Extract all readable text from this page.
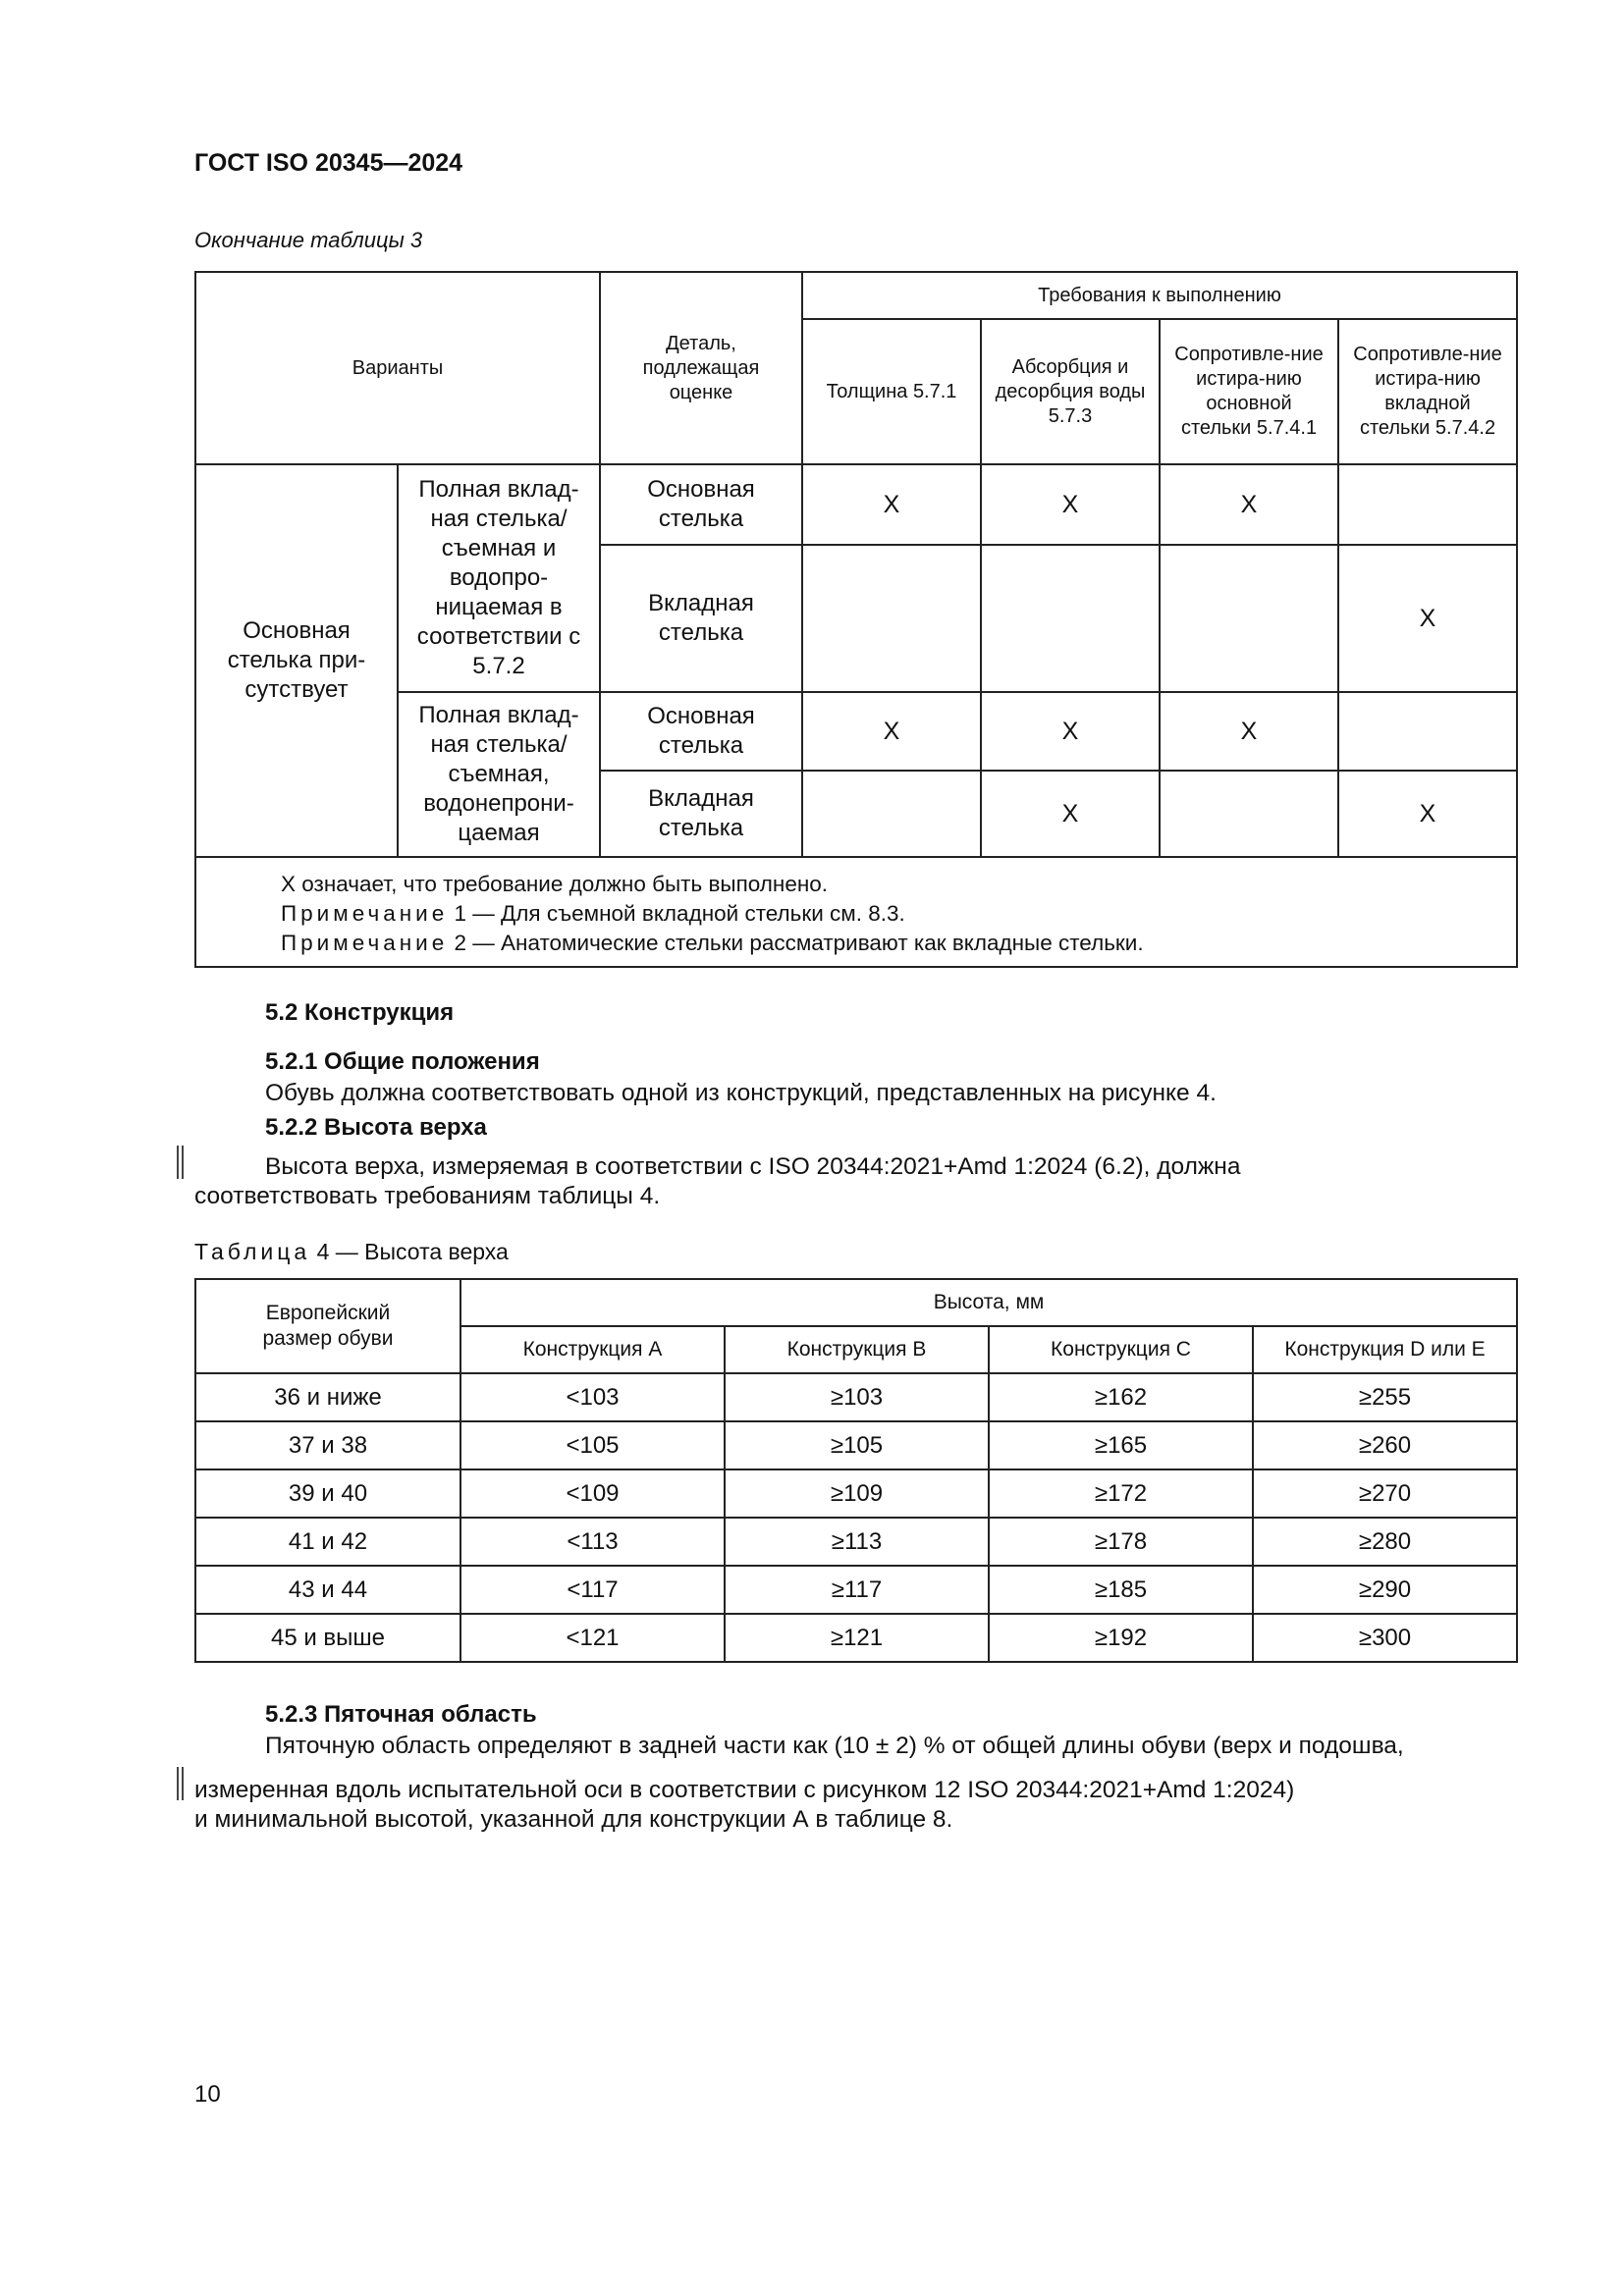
ГОСТ ISO 20345—2024
Окончание таблицы 3
Варианты		Деталь, подлежащая оценке	Требования к выполнению			
			Толщина 5.7.1	Абсорбция и десорбция воды 5.7.3	Сопротивле-ние истира-нию основной стельки 5.7.4.1	Сопротивле-ние истира-нию вкладной стельки 5.7.4.2
Основная стелька при-сутствует	Полная вклад-ная стелька/ съемная и водопро-ницаемая в соответствии с 5.7.2	Основная стелька	X	X	X	
		Вкладная стелька				X
	Полная вклад-ная стелька/ съемная, водонепрони-цаемая	Основная стелька	X	X	X	
		Вкладная стелька		X		X

X означает, что требование должно быть выполнено.
Примечание 1 — Для съемной вкладной стельки см. 8.3.
Примечание 2 — Анатомические стельки рассматривают как вкладные стельки.						
5.2 Конструкция
5.2.1 Общие положения
Обувь должна соответствовать одной из конструкций, представленных на рисунке 4.
5.2.2 Высота верха
Высота верха, измеряемая в соответствии с ISO 20344:2021+Amd 1:2024 (6.2), должна
соответствовать требованиям таблицы 4.
Таблица 4 — Высота верха
Европейский размер обуви	Высота, мм			
	Конструкция A	Конструкция B	Конструкция C	Конструкция D или E
36 и ниже	<103	≥103	≥162	≥255
37 и 38	<105	≥105	≥165	≥260
39 и 40	<109	≥109	≥172	≥270
41 и 42	<113	≥113	≥178	≥280
43 и 44	<117	≥117	≥185	≥290
45 и выше	<121	≥121	≥192	≥300
5.2.3 Пяточная область
Пяточную область определяют в задней части как (10 ± 2) % от общей длины обуви (верх и подошва,
измеренная вдоль испытательной оси в соответствии с рисунком 12 ISO 20344:2021+Amd 1:2024)
и минимальной высотой, указанной для конструкции А в таблице 8.
10
